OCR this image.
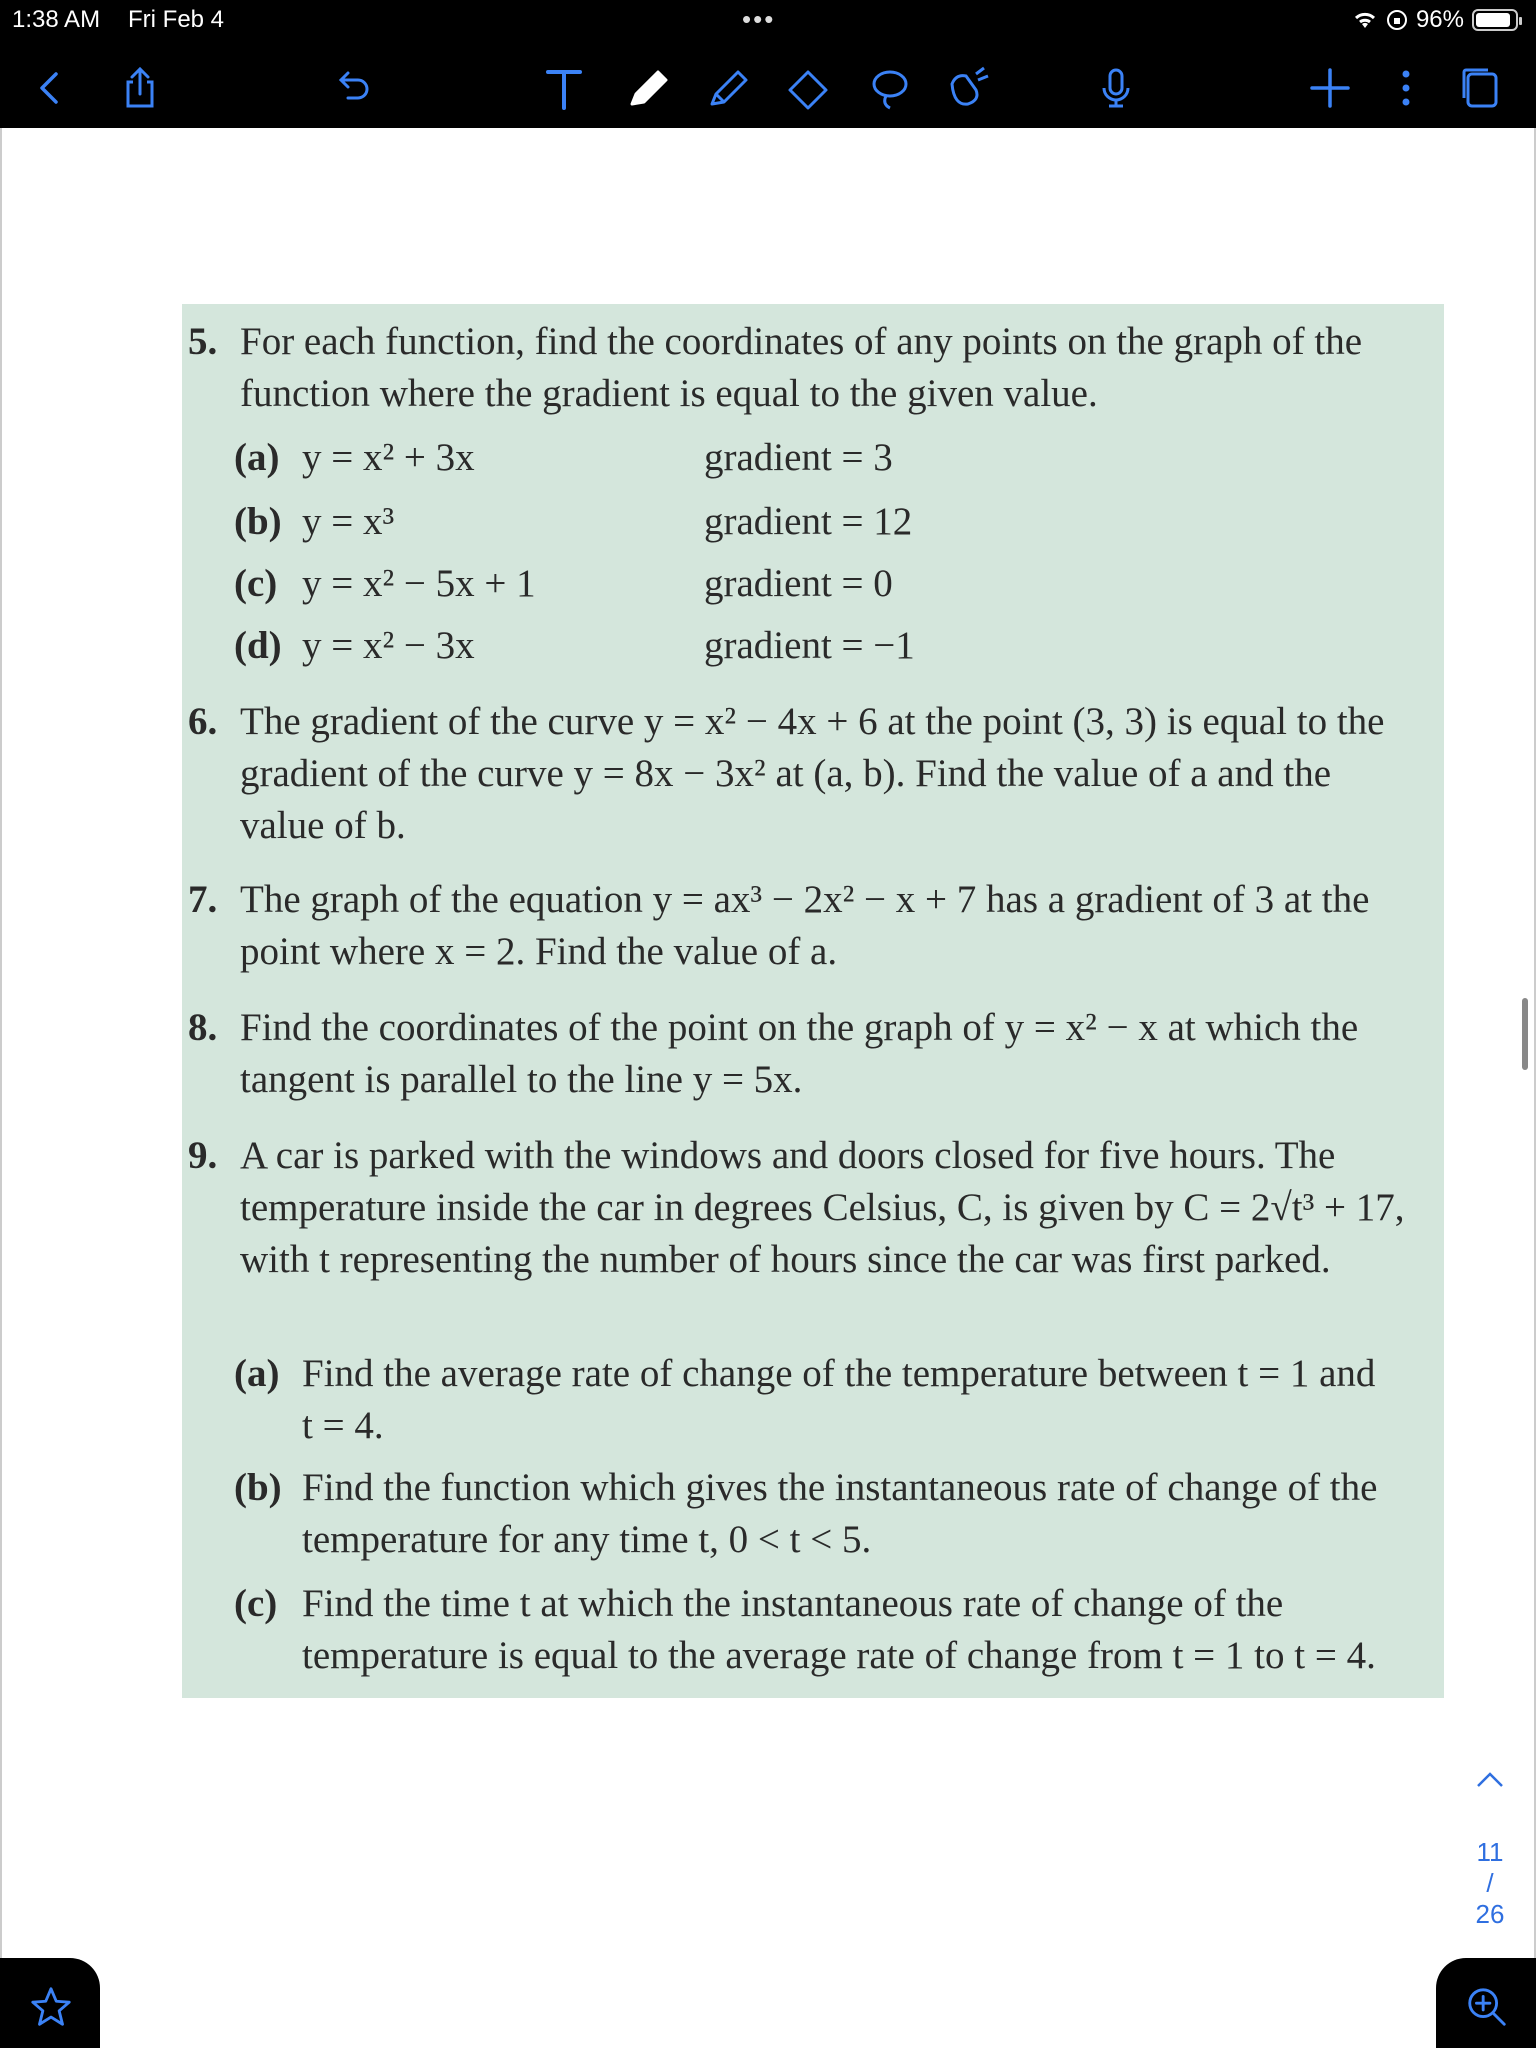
1:38 AM Fri Feb 4	•••	96%
5. For each function, find the coordinates of any points on the graph of the function where the gradient is equal to the given value.
(a) y = x² + 3x	gradient = 3
(b) y = x³	gradient = 12
(c) y = x² − 5x + 1	gradient = 0
(d) y = x² − 3x	gradient = −1
6. The gradient of the curve y = x² − 4x + 6 at the point (3, 3) is equal to the gradient of the curve y = 8x − 3x² at (a, b). Find the value of a and the value of b.
7. The graph of the equation y = ax³ − 2x² − x + 7 has a gradient of 3 at the point where x = 2. Find the value of a.
8. Find the coordinates of the point on the graph of y = x² − x at which the tangent is parallel to the line y = 5x.
9. A car is parked with the windows and doors closed for five hours. The temperature inside the car in degrees Celsius, C, is given by C = 2√t³ + 17, with t representing the number of hours since the car was first parked.
(a) Find the average rate of change of the temperature between t = 1 and t = 4.
(b) Find the function which gives the instantaneous rate of change of the temperature for any time t, 0 < t < 5.
(c) Find the time t at which the instantaneous rate of change of the temperature is equal to the average rate of change from t = 1 to t = 4.
11
/
26
